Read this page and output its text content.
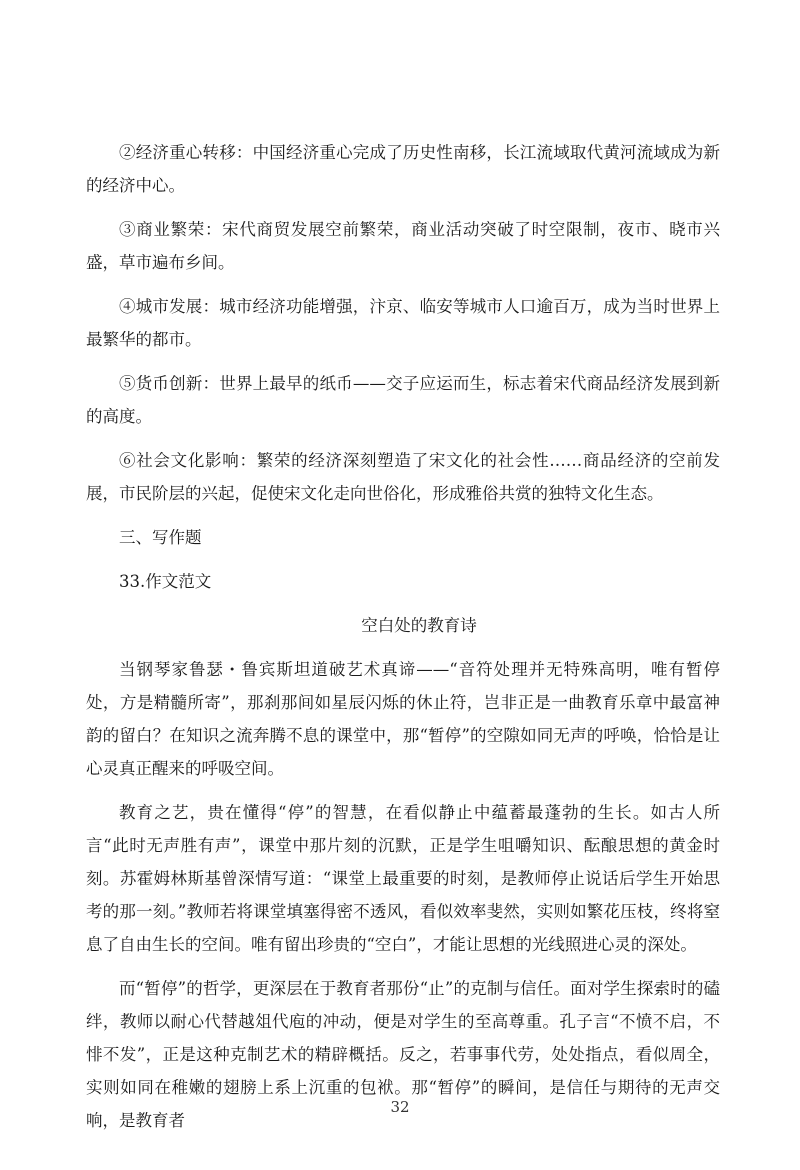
②经济重心转移：中国经济重心完成了历史性南移，长江流域取代黄河流域成为新的经济中心。

③商业繁荣：宋代商贸发展空前繁荣，商业活动突破了时空限制，夜市、晓市兴盛，草市遍布乡间。

④城市发展：城市经济功能增强，汴京、临安等城市人口逾百万，成为当时世界上最繁华的都市。

⑤货币创新：世界上最早的纸币——交子应运而生，标志着宋代商品经济发展到新的高度。

⑥社会文化影响：繁荣的经济深刻塑造了宋文化的社会性……商品经济的空前发展，市民阶层的兴起，促使宋文化走向世俗化，形成雅俗共赏的独特文化生态。

三、写作题

33.作文范文

空白处的教育诗

当钢琴家鲁瑟・鲁宾斯坦道破艺术真谛——“音符处理并无特殊高明，唯有暂停处，方是精髓所寄”，那刹那间如星辰闪烁的休止符，岂非正是一曲教育乐章中最富神韵的留白？在知识之流奔腾不息的课堂中，那“暂停”的空隙如同无声的呼唤，恰恰是让心灵真正醒来的呼吸空间。

教育之艺，贵在懂得“停”的智慧，在看似静止中蕴蓄最蓬勃的生长。如古人所言“此时无声胜有声”，课堂中那片刻的沉默，正是学生咀嚼知识、酝酿思想的黄金时刻。苏霍姆林斯基曾深情写道：“课堂上最重要的时刻，是教师停止说话后学生开始思考的那一刻。”教师若将课堂填塞得密不透风，看似效率斐然，实则如繁花压枝，终将窒息了自由生长的空间。唯有留出珍贵的“空白”，才能让思想的光线照进心灵的深处。

而“暂停”的哲学，更深层在于教育者那份“止”的克制与信任。面对学生探索时的磕绊，教师以耐心代替越俎代庖的冲动，便是对学生的至高尊重。孔子言“不愤不启，不悱不发”，正是这种克制艺术的精辟概括。反之，若事事代劳，处处指点，看似周全，实则如同在稚嫩的翅膀上系上沉重的包袱。那“暂停”的瞬间，是信任与期待的无声交响，是教育者

32
